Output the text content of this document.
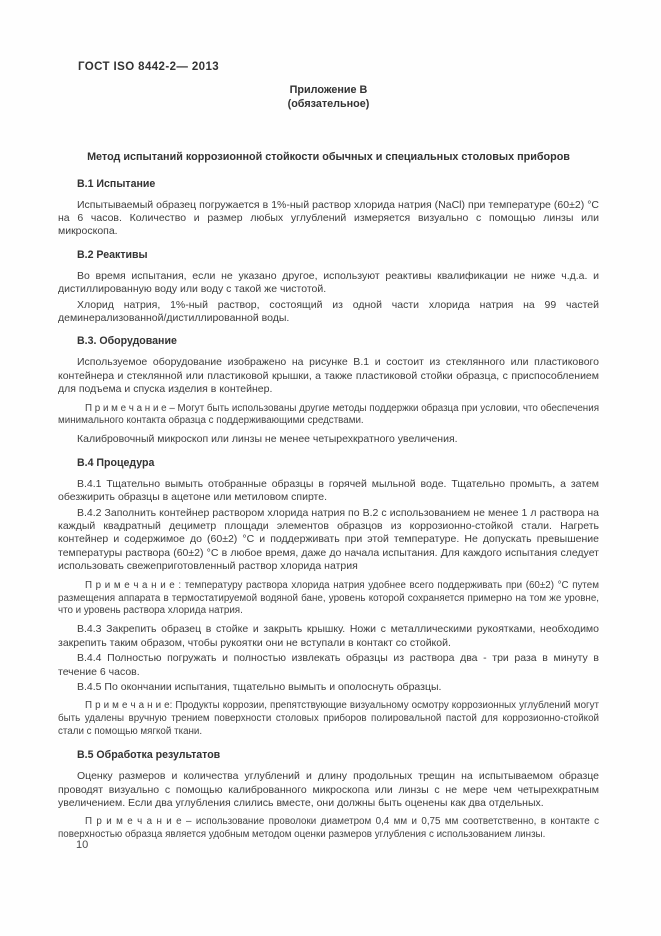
ГОСТ ISO 8442-2— 2013
Приложение В
(обязательное)
Метод испытаний коррозионной стойкости обычных и специальных столовых приборов
В.1 Испытание
Испытываемый образец погружается в 1%-ный раствор хлорида натрия (NaCl) при температуре (60±2) °С на 6 часов. Количество и размер любых углублений измеряется визуально с помощью линзы или микроскопа.
В.2 Реактивы
Во время испытания, если не указано другое, используют реактивы квалификации не ниже ч.д.а. и дистиллированную воду или воду с такой же чистотой.
Хлорид натрия, 1%-ный раствор, состоящий из одной части хлорида натрия на 99 частей деминерализованной/дистиллированной воды.
В.3. Оборудование
Используемое оборудование изображено на рисунке В.1 и состоит из стеклянного или пластикового контейнера и стеклянной или пластиковой крышки, а также пластиковой стойки образца, с приспособлением для подъема и спуска изделия в контейнер.
П р и м е ч а н и е – Могут быть использованы другие методы поддержки образца при условии, что обеспечения минимального контакта образца с поддерживающими средствами.
Калибровочный микроскоп или линзы не менее четырехкратного увеличения.
В.4 Процедура
В.4.1 Тщательно вымыть отобранные образцы в горячей мыльной воде. Тщательно промыть, а затем обезжирить образцы в ацетоне или метиловом спирте.
В.4.2 Заполнить контейнер раствором хлорида натрия по В.2 с использованием не менее 1 л раствора на каждый квадратный дециметр площади элементов образцов из коррозионно-стойкой стали. Нагреть контейнер и содержимое до (60±2) °С и поддерживать при этой температуре. Не допускать превышение температуры раствора (60±2) °С в любое время, даже до начала испытания. Для каждого испытания следует использовать свежеприготовленный раствор хлорида натрия
П р и м е ч а н и е : температуру раствора хлорида натрия удобнее всего поддерживать при (60±2) °С путем размещения аппарата в термостатируемой водяной бане, уровень которой сохраняется примерно на том же уровне, что и уровень раствора хлорида натрия.
В.4.3 Закрепить образец в стойке и закрыть крышку. Ножи с металлическими рукоятками, необходимо закрепить таким образом, чтобы рукоятки они не вступали в контакт со стойкой.
В.4.4 Полностью погружать и полностью извлекать образцы из раствора два - три раза в минуту в течение 6 часов.
В.4.5 По окончании испытания, тщательно вымыть и ополоснуть образцы.
П р и м е ч а н и е: Продукты коррозии, препятствующие визуальному осмотру коррозионных углублений могут быть удалены вручную трением поверхности столовых приборов полировальной пастой для коррозионно-стойкой стали с помощью мягкой ткани.
В.5 Обработка результатов
Оценку размеров и количества углублений и длину продольных трещин на испытываемом образце проводят визуально с помощью калиброванного микроскопа или линзы с не мере чем четырехкратным увеличением. Если два углубления слились вместе, они должны быть оценены как два отдельных.
П р и м е ч а н и е – использование проволоки диаметром 0,4 мм и 0,75 мм соответственно, в контакте с поверхностью образца является удобным методом оценки размеров углубления с использованием линзы.
10
